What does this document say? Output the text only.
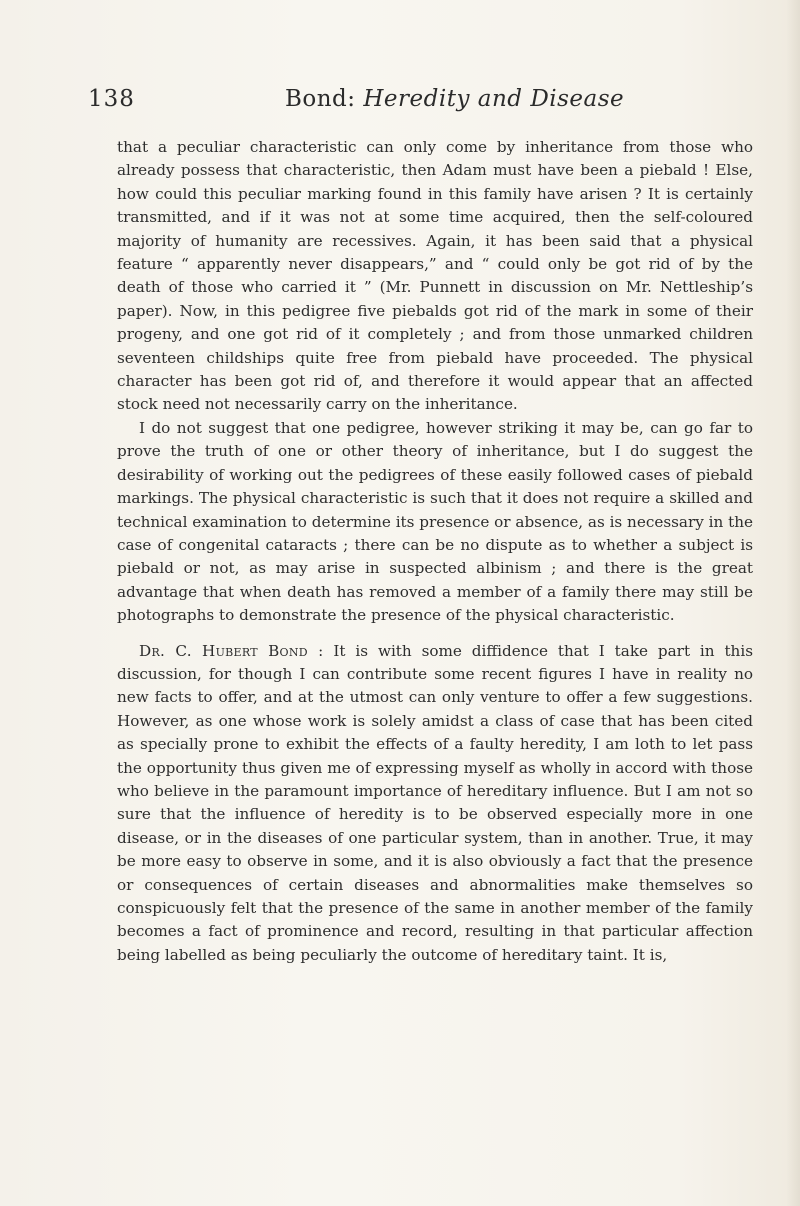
138	Bond: Heredity and Disease

that a peculiar characteristic can only come by inheritance from those who already possess that characteristic, then Adam must have been a piebald ! Else, how could this peculiar marking found in this family have arisen ? It is certainly transmitted, and if it was not at some time acquired, then the self-coloured majority of humanity are recessives. Again, it has been said that a physical feature “ apparently never disappears,” and “ could only be got rid of by the death of those who carried it ” (Mr. Punnett in discussion on Mr. Nettleship’s paper). Now, in this pedigree five piebalds got rid of the mark in some of their progeny, and one got rid of it completely ; and from those unmarked children seventeen childships quite free from piebald have proceeded. The physical character has been got rid of, and therefore it would appear that an affected stock need not necessarily carry on the inheritance.

I do not suggest that one pedigree, however striking it may be, can go far to prove the truth of one or other theory of inheritance, but I do suggest the desirability of working out the pedigrees of these easily followed cases of piebald markings. The physical characteristic is such that it does not require a skilled and technical examination to determine its presence or absence, as is necessary in the case of congenital cataracts ; there can be no dispute as to whether a subject is piebald or not, as may arise in suspected albinism ; and there is the great advantage that when death has removed a member of a family there may still be photographs to demonstrate the presence of the physical characteristic.

Dr. C. Hubert Bond : It is with some diffidence that I take part in this discussion, for though I can contribute some recent figures I have in reality no new facts to offer, and at the utmost can only venture to offer a few suggestions. However, as one whose work is solely amidst a class of case that has been cited as specially prone to exhibit the effects of a faulty heredity, I am loth to let pass the opportunity thus given me of expressing myself as wholly in accord with those who believe in the paramount importance of hereditary influence. But I am not so sure that the influence of heredity is to be observed especially more in one disease, or in the diseases of one particular system, than in another. True, it may be more easy to observe in some, and it is also obviously a fact that the presence or consequences of certain diseases and abnormalities make themselves so conspicuously felt that the presence of the same in another member of the family becomes a fact of prominence and record, resulting in that particular affection being labelled as being peculiarly the outcome of hereditary taint. It is,
